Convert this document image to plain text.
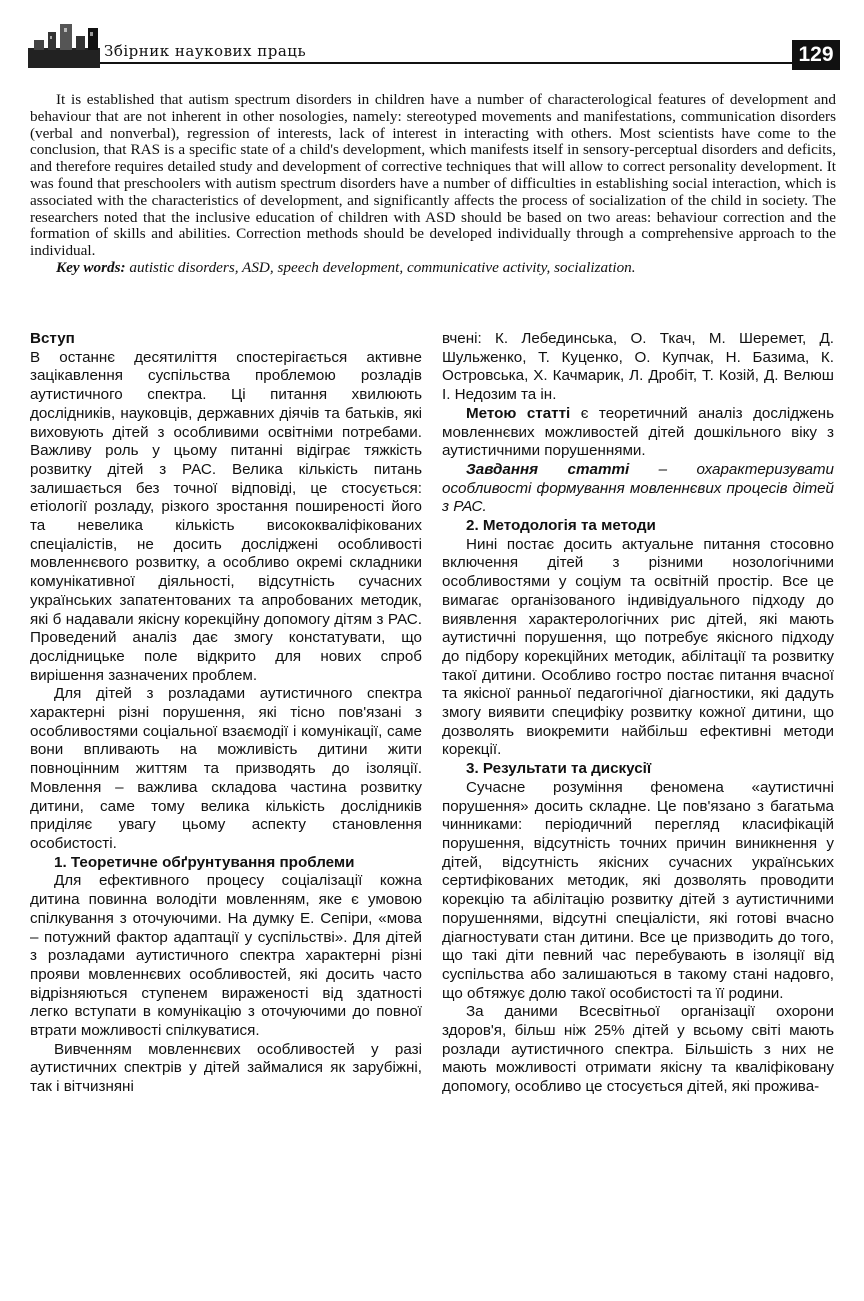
Збірник наукових праць	129

It is established that autism spectrum disorders in children have a number of characterological features of development and behaviour that are not inherent in other nosologies, namely: stereotyped movements and manifestations, communication disorders (verbal and nonverbal), regression of interests, lack of interest in interacting with others. Most scientists have come to the conclusion, that RAS is a specific state of a child's development, which manifests itself in sensory-perceptual disorders and deficits, and therefore requires detailed study and development of corrective techniques that will allow to correct personality development. It was found that preschoolers with autism spectrum disorders have a number of difficulties in establishing social interaction, which is associated with the characteristics of development, and significantly affects the process of socialization of the child in society. The researchers noted that the inclusive education of children with ASD should be based on two areas: behaviour correction and the formation of skills and abilities. Correction methods should be developed individually through a comprehensive approach to the individual.

Key words: autistic disorders, ASD, speech development, communicative activity, socialization.

Вступ

В останнє десятиліття спостерігається активне зацікавлення суспільства проблемою розладів аутистичного спектра. Ці питання хвилюють дослідників, науковців, державних діячів та батьків, які виховують дітей з особливими освітніми потребами. Важливу роль у цьому питанні відіграє тяжкість розвитку дітей з РАС. Велика кількість питань залишається без точної відповіді, це стосується: етіології розладу, різкого зростання поширеності його та невелика кількість висококваліфікованих спеціалістів, не досить досліджені особливості мовленнєвого розвитку, а особливо окремі складники комунікативної діяльності, відсутність сучасних українських запатентованих та апробованих методик, які б надавали якісну корекційну допомогу дітям з РАС. Проведений аналіз дає змогу констатувати, що дослідницьке поле відкрито для нових спроб вирішення зазначених проблем.

Для дітей з розладами аутистичного спектра характерні різні порушення, які тісно пов'язані з особливостями соціальної взаємодії і комунікації, саме вони впливають на можливість дитини жити повноцінним життям та призводять до ізоляції. Мовлення – важлива складова частина розвитку дитини, саме тому велика кількість дослідників приділяє увагу цьому аспекту становлення особистості.

1. Теоретичне обґрунтування проблеми

Для ефективного процесу соціалізації кожна дитина повинна володіти мовленням, яке є умовою спілкування з оточуючими. На думку Е. Сепіри, «мова – потужний фактор адаптації у суспільстві». Для дітей з розладами аутистичного спектра характерні різні прояви мовленнєвих особливостей, які досить часто відрізняються ступенем вираженості від здатності легко вступати в комунікацію з оточуючими до повної втрати можливості спілкуватися.

Вивченням мовленнєвих особливостей у разі аутистичних спектрів у дітей займалися як зарубіжні, так і вітчизняні

вчені: К. Лебединська, О. Ткач, М. Шеремет, Д. Шульженко, Т. Куценко, О. Купчак, Н. Базима, К. Островська, Х. Качмарик, Л. Дробіт, Т. Козій, Д. Велюш І. Недозим та ін.

Метою статті є теоретичний аналіз досліджень мовленнєвих можливостей дітей дошкільного віку з аутистичними порушеннями.

Завдання статті – охарактеризувати особливості формування мовленнєвих процесів дітей з РАС.

2. Методологія та методи

Нині постає досить актуальне питання стосовно включення дітей з різними нозологічними особливостями у соціум та освітній простір. Все це вимагає організованого індивідуального підходу до виявлення характерологічних рис дітей, які мають аутистичні порушення, що потребує якісного підходу до підбору корекційних методик, абілітації та розвитку такої дитини. Особливо гостро постає питання вчасної та якісної ранньої педагогічної діагностики, які дадуть змогу виявити специфіку розвитку кожної дитини, що дозволять виокремити найбільш ефективні методи корекції.

3. Результати та дискусії

Сучасне розуміння феномена «аутистичні порушення» досить складне. Це пов'язано з багатьма чинниками: періодичний перегляд класифікацій порушення, відсутність точних причин виникнення у дітей, відсутність якісних сучасних українських сертифікованих методик, які дозволять проводити корекцію та абілітацію розвитку дітей з аутистичними порушеннями, відсутні спеціалісти, які готові вчасно діагностувати стан дитини. Все це призводить до того, що такі діти певний час перебувають в ізоляції від суспільства або залишаються в такому стані надовго, що обтяжує долю такої особистості та її родини.

За даними Всесвітньої організації охорони здоров'я, більш ніж 25% дітей у всьому світі мають розлади аутистичного спектра. Більшість з них не мають можливості отримати якісну та кваліфіковану допомогу, особливо це стосується дітей, які прожива-
